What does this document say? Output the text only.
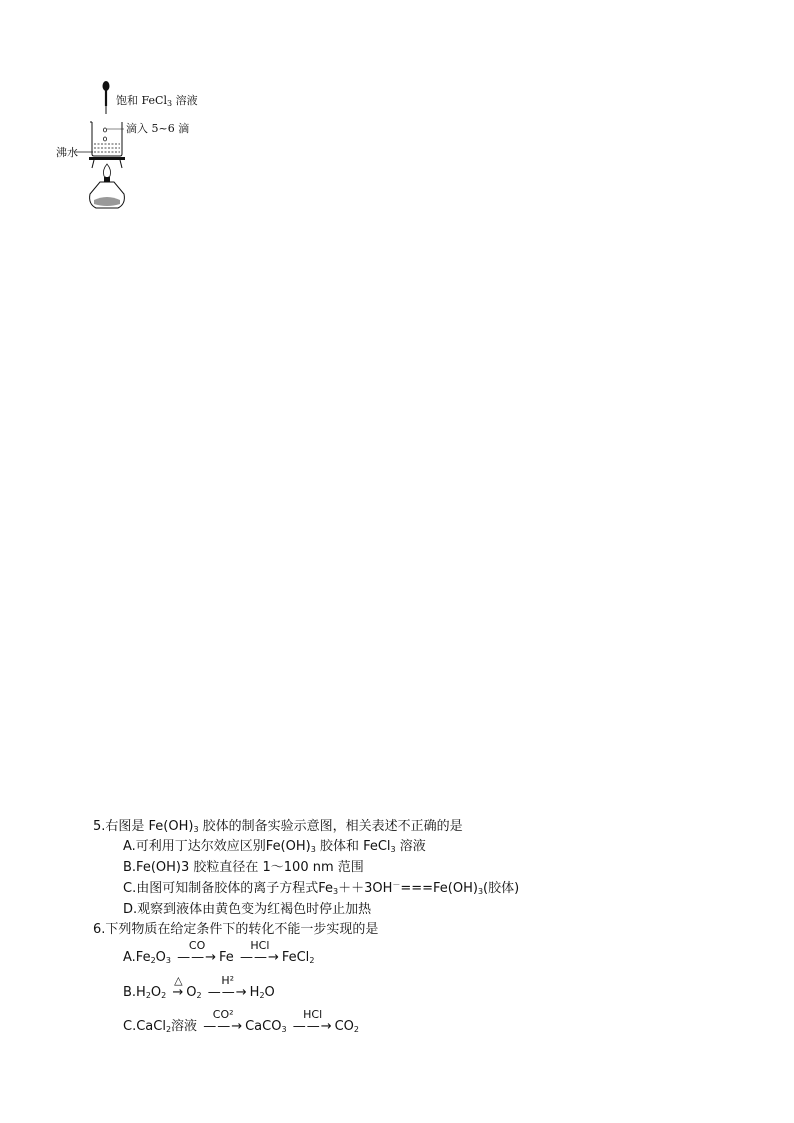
饱和 FeCl$_3$ 溶液
滴入 5~6 滴
沸水
5.右图是 $Fe(OH)_3$ 胶体的制备实验示意图，相关表述不正确的是
A.可利用丁达尔效应区别$Fe(OH)_3$ 胶体和 FeCl$_3$ 溶液
B.Fe(OH)3 胶粒直径在 1～100 nm 范围
C.由图可知制备胶体的离子方程式$Fe_3++3OH^-===Fe(OH)_3$(胶体)
D.观察到液体由黄色变为红褐色时停止加热
6.下列物质在给定条件下的转化不能一步实现的是
$A.Fe_2O_3$
CO
——→ Fe
HCl
——→ FeCl$_2$
$B.H_2O_2$
△
→ $O_2$
H²
——→ $H_2O$
C.CaCl$_2$溶液
CO²
——→ CaCO$_3$
HCl
——→ $CO_2$
